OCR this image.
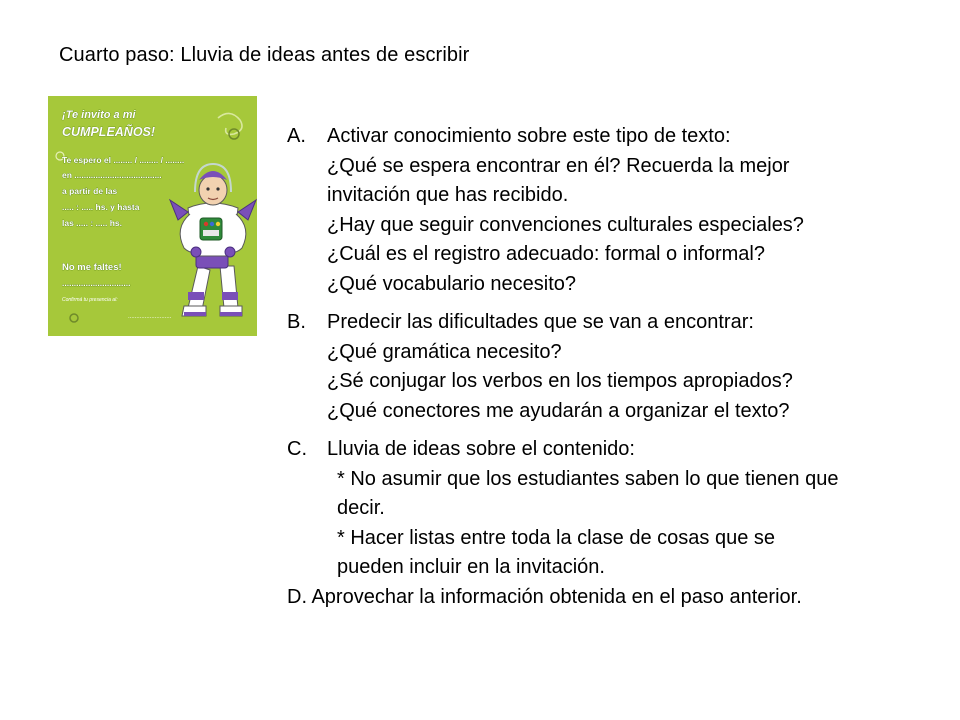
Cuarto paso: Lluvia de ideas antes de escribir
¡Te invito a mi
CUMPLEAÑOS!
Te espero el ........ / ........ / ........
en .....................................
a partir de las
..... : ..... hs. y hasta
las ..... : ..... hs.
No me faltes!
.............................
Confirmá tu presencia al:
..........................
A. Activar conocimiento sobre este tipo de texto:
¿Qué se espera encontrar en él? Recuerda la mejor
invitación que has recibido.
¿Hay que seguir convenciones culturales especiales?
¿Cuál es el registro adecuado: formal o informal?
¿Qué vocabulario necesito?
B. Predecir las dificultades que se van a encontrar:
¿Qué gramática necesito?
¿Sé conjugar los verbos en los tiempos apropiados?
¿Qué conectores me ayudarán a organizar el texto?
C. Lluvia de ideas sobre el contenido:
* No asumir que los estudiantes saben lo que tienen que decir.
* Hacer listas entre toda la clase de cosas que se pueden incluir en la invitación.
D. Aprovechar la información obtenida en el paso anterior.
